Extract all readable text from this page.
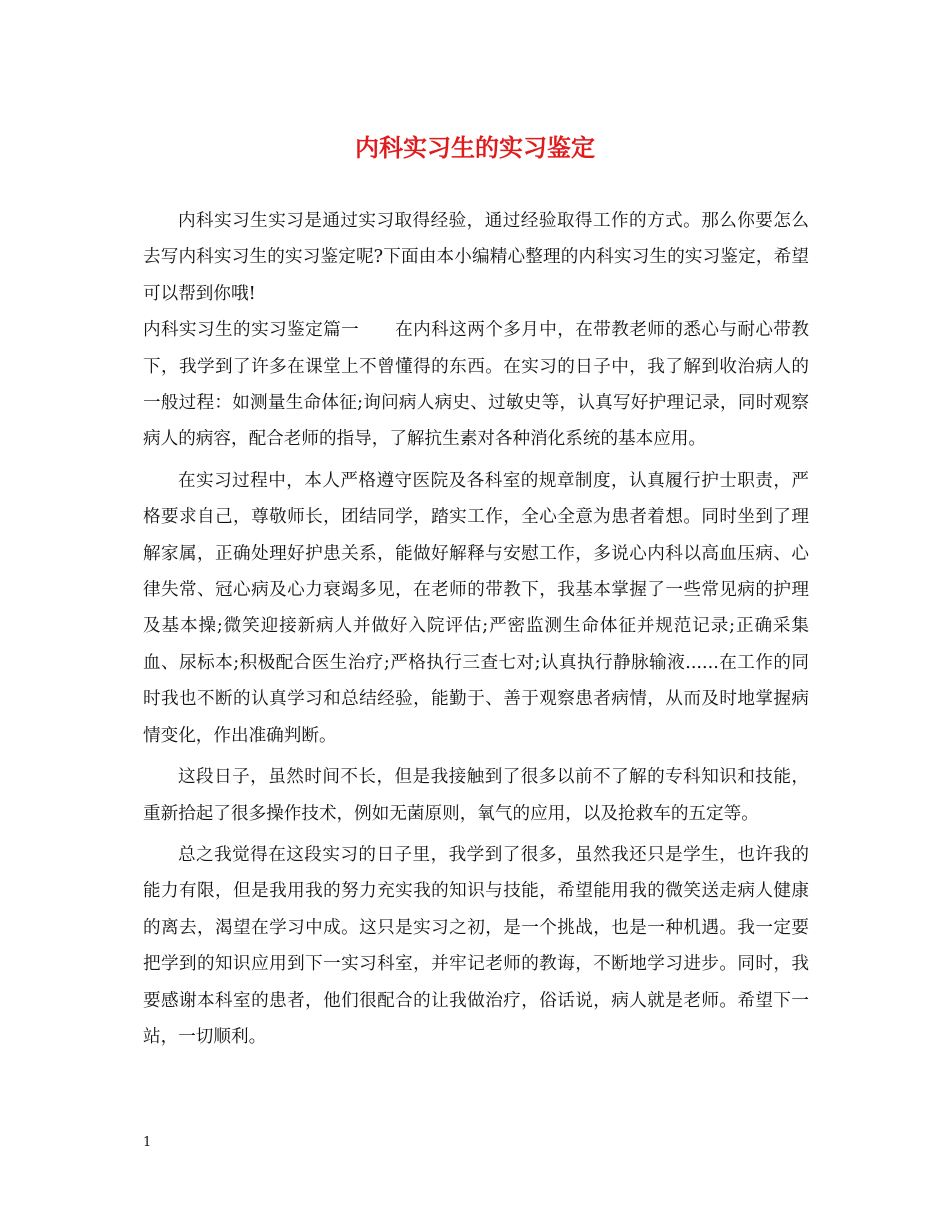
内科实习生的实习鉴定

内科实习生实习是通过实习取得经验，通过经验取得工作的方式。那么你要怎么去写内科实习生的实习鉴定呢?下面由本小编精心整理的内科实习生的实习鉴定，希望可以帮到你哦!

内科实习生的实习鉴定篇一　　在内科这两个多月中，在带教老师的悉心与耐心带教下，我学到了许多在课堂上不曾懂得的东西。在实习的日子中，我了解到收治病人的一般过程：如测量生命体征;询问病人病史、过敏史等，认真写好护理记录，同时观察病人的病容，配合老师的指导，了解抗生素对各种消化系统的基本应用。

在实习过程中，本人严格遵守医院及各科室的规章制度，认真履行护士职责，严格要求自己，尊敬师长，团结同学，踏实工作，全心全意为患者着想。同时坐到了理解家属，正确处理好护患关系，能做好解释与安慰工作，多说心内科以高血压病、心律失常、冠心病及心力衰竭多见，在老师的带教下，我基本掌握了一些常见病的护理及基本操;微笑迎接新病人并做好入院评估;严密监测生命体征并规范记录;正确采集血、尿标本;积极配合医生治疗;严格执行三查七对;认真执行静脉输液......在工作的同时我也不断的认真学习和总结经验，能勤于、善于观察患者病情，从而及时地掌握病情变化，作出准确判断。

这段日子，虽然时间不长，但是我接触到了很多以前不了解的专科知识和技能，重新拾起了很多操作技术，例如无菌原则，氧气的应用，以及抢救车的五定等。

总之我觉得在这段实习的日子里，我学到了很多，虽然我还只是学生，也许我的能力有限，但是我用我的努力充实我的知识与技能，希望能用我的微笑送走病人健康的离去，渴望在学习中成。这只是实习之初，是一个挑战，也是一种机遇。我一定要把学到的知识应用到下一实习科室，并牢记老师的教诲，不断地学习进步。同时，我要感谢本科室的患者，他们很配合的让我做治疗，俗话说，病人就是老师。希望下一站，一切顺利。

1
